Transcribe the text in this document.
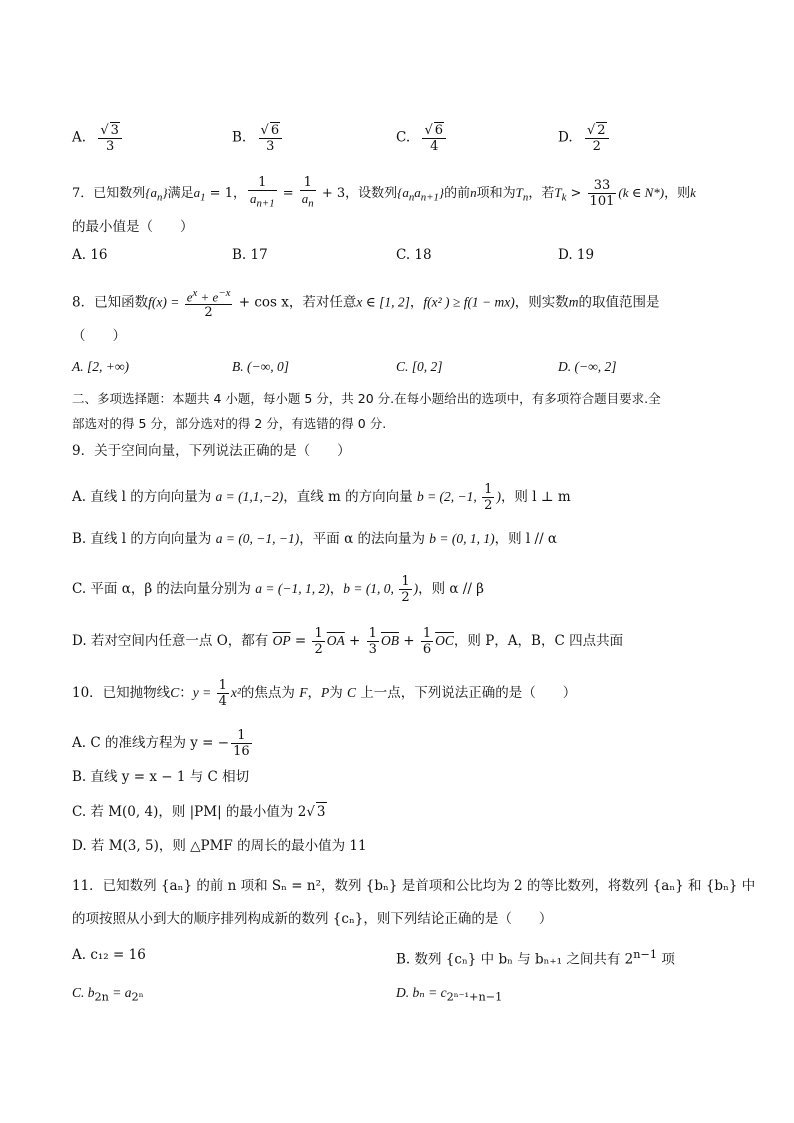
A. $\frac{√ 3}{3}$	B. $\frac{√ 6}{3}$	C. $\frac{√ 6}{4}$	D. $\frac{√ 2}{2}$
7．已知数列$\{a_n\}$满足$a_1 = 1$， $\frac{1}{a_{n+1}} = \frac{1}{a_n} + 3$，设数列$\{a_na_{n+1}\}$的前n项和为$T_n$，若$T_k > \frac{33}{101} (k$ ∈ N*)，则k
的最小值是（　　）
A. 16	B. 17	C. 18	D. 19
8．已知函数$f(x) = \frac{e^x + e^{-x}}{2} + \cos x$，若对任意x ∈ [1, 2]，f(x² ) ≥ f(1 − mx)，则实数m的取值范围是
（　　）
A. [2, +∞)	B. (−∞, 0]	C. [0, 2]	D. (−∞, 2]
二、多项选择题：本题共 4 小题，每小题 5 分，共 20 分.在每小题给出的选项中，有多项符合题目要求.全
部选对的得 5 分，部分选对的得 2 分，有选错的得 0 分.
9．关于空间向量，下列说法正确的是（　　）
A. 直线 l 的方向向量为 a = (1,1,−2)，直线 m 的方向向量 b = (2, −1, $\frac{1}{2}$ )，则 l ⊥ m
B. 直线 l 的方向向量为 a = (0, −1, −1)，平面 α 的法向量为 b = (0, 1, 1)，则 l // α
C. 平面 α，β 的法向量分别为 a = (−1, 1, 2)，b = (1, 0, $\frac{1}{2}$ )，则 α // β
D. 若对空间内任意一点 O，都有 $\overline{OP} = \frac{1}{2} \overline{OA} + \frac{1}{3} \overline{OB} + \frac{1}{6} \overline{OC}$，则 P，A，B，C 四点共面
10．已知抛物线C：$y = \frac{1}{4} x^2$的焦点为 F，P为 C 上一点，下列说法正确的是（　　）
A. C 的准线方程为 y = − $\frac{1}{16}$
B. 直线 y = x − 1 与 C 相切
C. 若 M(0, 4)，则 |PM| 的最小值为 2√ 3
D. 若 M(3, 5)，则 △PMF 的周长的最小值为 11
11．已知数列 {aₙ} 的前 n 项和 Sₙ = n²，数列 {bₙ} 是首项和公比均为 2 的等比数列，将数列 {aₙ} 和 {bₙ} 中
的项按照从小到大的顺序排列构成新的数列 {cₙ}，则下列结论正确的是（　　）
A. c₁₂ = 16	B. 数列 {cₙ} 中 bₙ 与 bₙ₊₁ 之间共有 $2^{n-1}$ 项
C. $b_{2n} = a_{2^n}$	D. $b_n = c_{2^{n-1}+n-1}$
